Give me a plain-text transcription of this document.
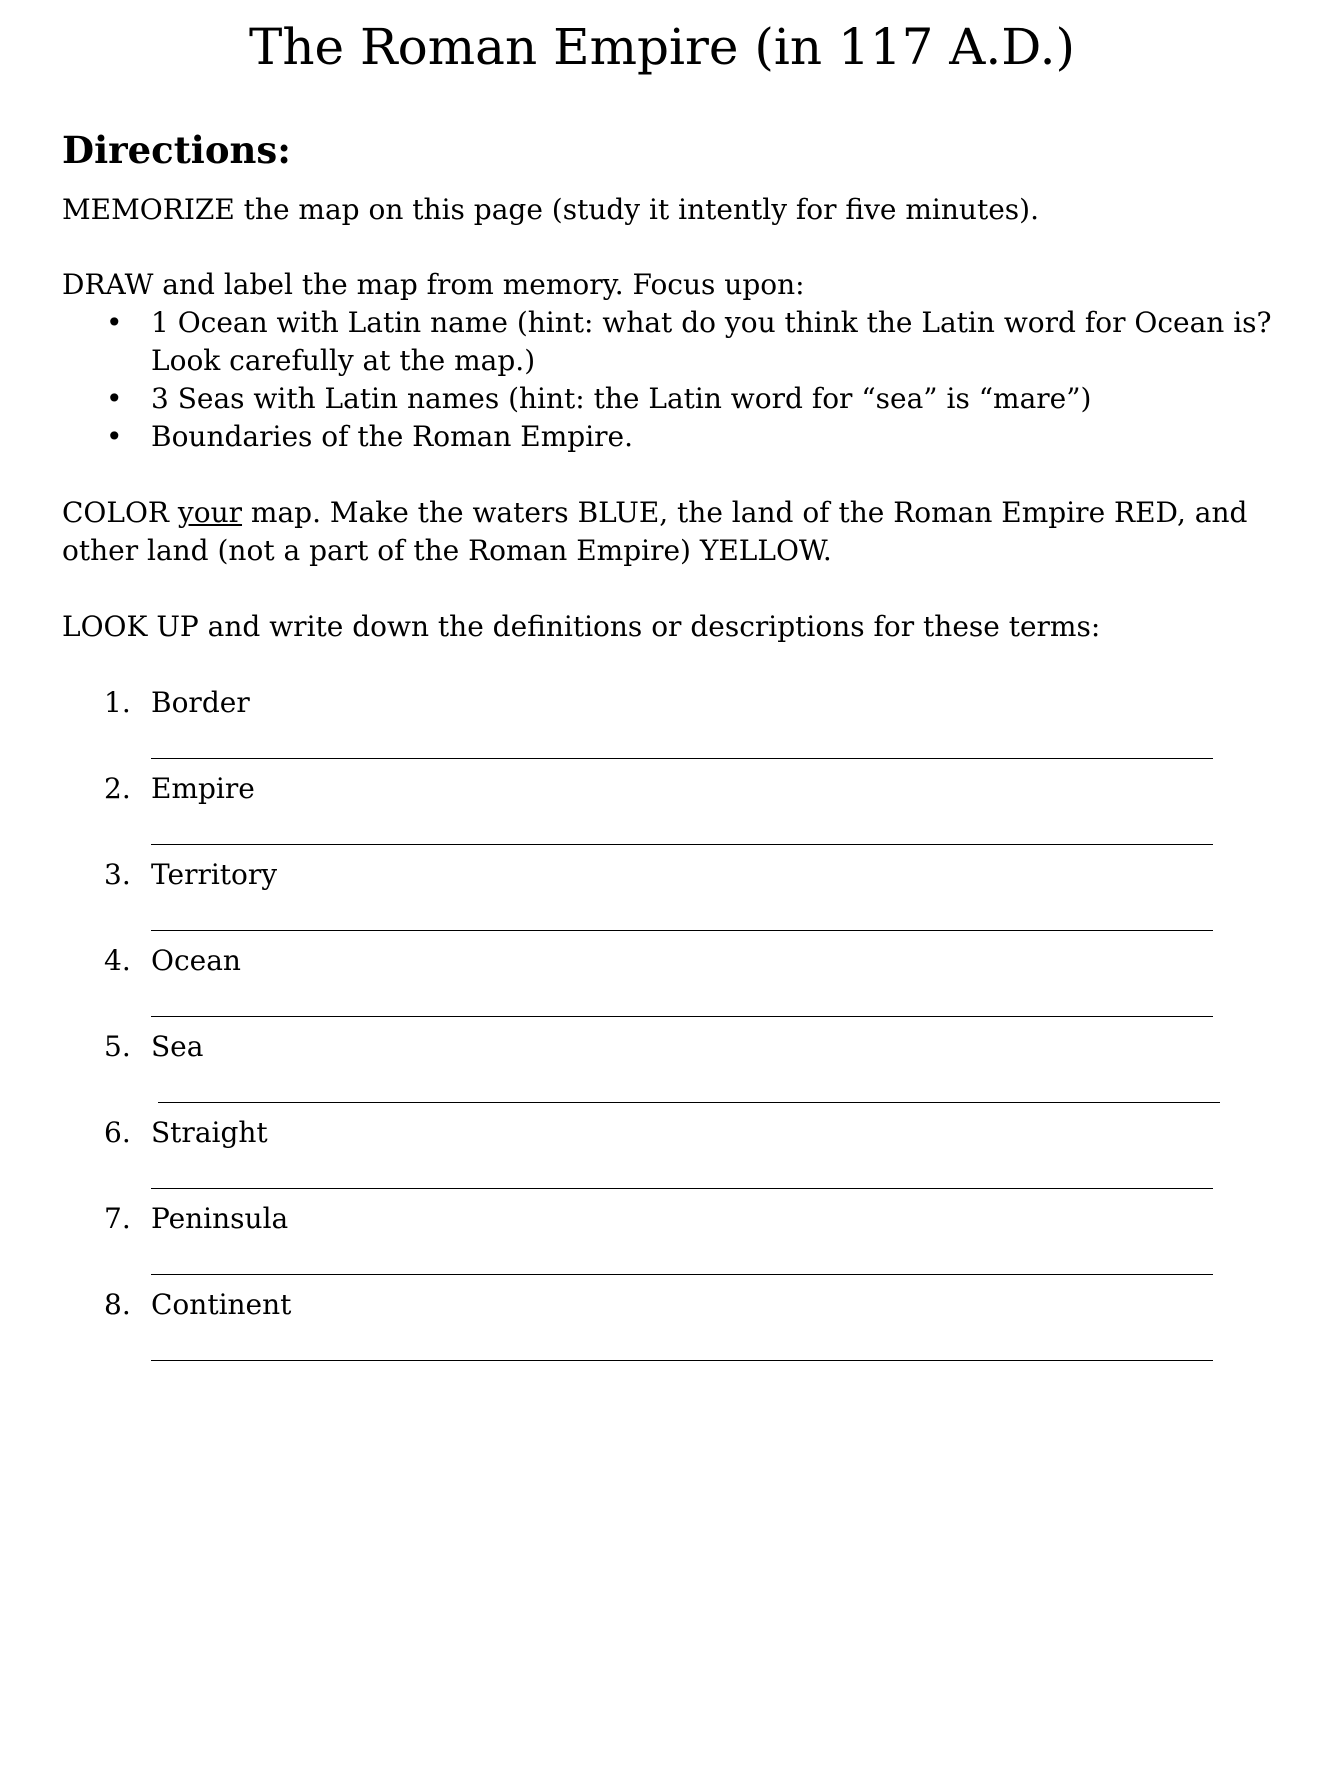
The Roman Empire (in 117 A.D.)
Directions:

MEMORIZE the map on this page (study it intently for five minutes).

DRAW and label the map from memory. Focus upon:

• 1 Ocean with Latin name (hint: what do you think the Latin word for Ocean is? Look carefully at the map.)
• 3 Seas with Latin names (hint: the Latin word for “sea” is “mare”)
• Boundaries of the Roman Empire.

COLOR your map. Make the waters BLUE, the land of the Roman Empire RED, and other land (not a part of the Roman Empire) YELLOW.

LOOK UP and write down the definitions or descriptions for these terms:

1. Border
2. Empire
3. Territory
4. Ocean
5. Sea
6. Straight
7. Peninsula
8. Continent
